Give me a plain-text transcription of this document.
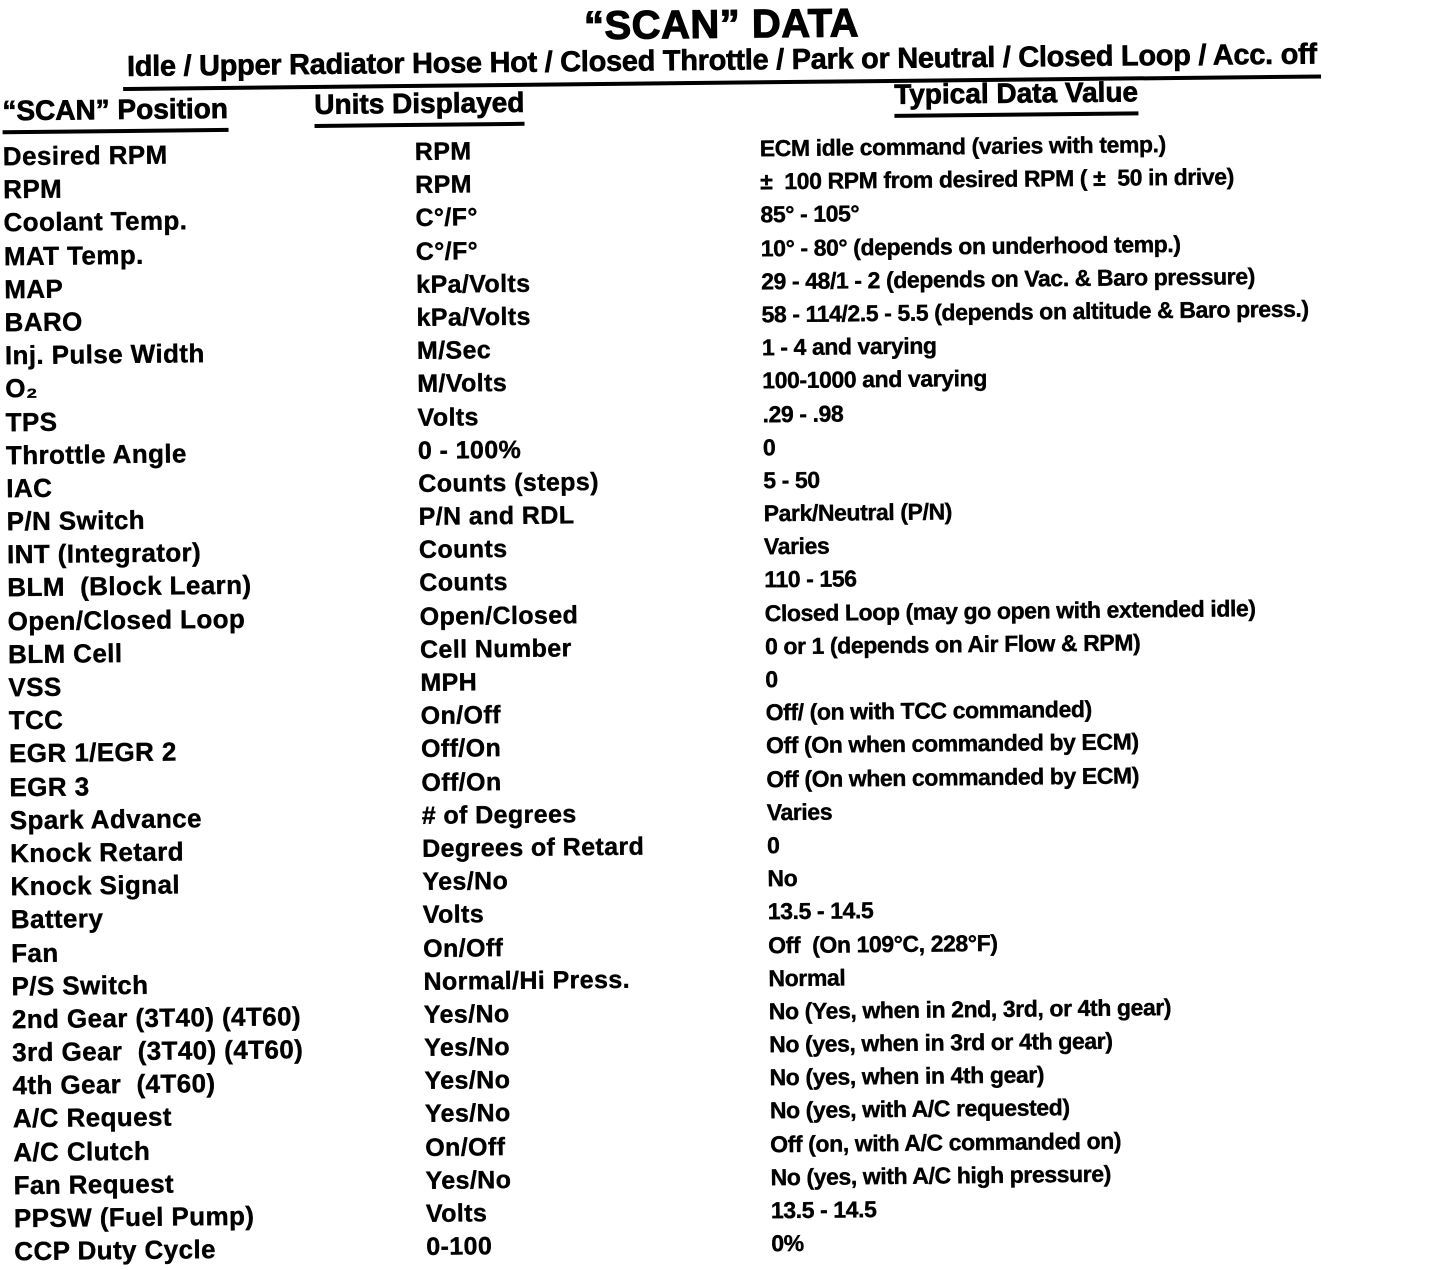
“SCAN” DATA
Idle / Upper Radiator Hose Hot / Closed Throttle / Park or Neutral / Closed Loop / Acc. off
“SCAN” Position	Units Displayed	Typical Data Value
Desired RPM	RPM	ECM idle command (varies with temp.)
RPM	RPM	±  100 RPM from desired RPM ( ±  50 in drive)
Coolant Temp.	C°/F°	85° - 105°
MAT Temp.	C°/F°	10° - 80° (depends on underhood temp.)
MAP	kPa/Volts	29 - 48/1 - 2 (depends on Vac. & Baro pressure)
BARO	kPa/Volts	58 - 114/2.5 - 5.5 (depends on altitude & Baro press.)
Inj. Pulse Width	M/Sec	1 - 4 and varying
O₂	M/Volts	100-1000 and varying
TPS	Volts	.29 - .98
Throttle Angle	0 - 100%	0
IAC	Counts (steps)	5 - 50
P/N Switch	P/N and RDL	Park/Neutral (P/N)
INT (Integrator)	Counts	Varies
BLM  (Block Learn)	Counts	110 - 156
Open/Closed Loop	Open/Closed	Closed Loop (may go open with extended idle)
BLM Cell	Cell Number	0 or 1 (depends on Air Flow & RPM)
VSS	MPH	0
TCC	On/Off	Off/ (on with TCC commanded)
EGR 1/EGR 2	Off/On	Off (On when commanded by ECM)
EGR 3	Off/On	Off (On when commanded by ECM)
Spark Advance	# of Degrees	Varies
Knock Retard	Degrees of Retard	0
Knock Signal	Yes/No	No
Battery	Volts	13.5 - 14.5
Fan	On/Off	Off  (On 109°C, 228°F)
P/S Switch	Normal/Hi Press.	Normal
2nd Gear (3T40) (4T60)	Yes/No	No (Yes, when in 2nd, 3rd, or 4th gear)
3rd Gear  (3T40) (4T60)	Yes/No	No (yes, when in 3rd or 4th gear)
4th Gear  (4T60)	Yes/No	No (yes, when in 4th gear)
A/C Request	Yes/No	No (yes, with A/C requested)
A/C Clutch	On/Off	Off (on, with A/C commanded on)
Fan Request	Yes/No	No (yes, with A/C high pressure)
PPSW (Fuel Pump)	Volts	13.5 - 14.5
CCP Duty Cycle	0-100	0%
